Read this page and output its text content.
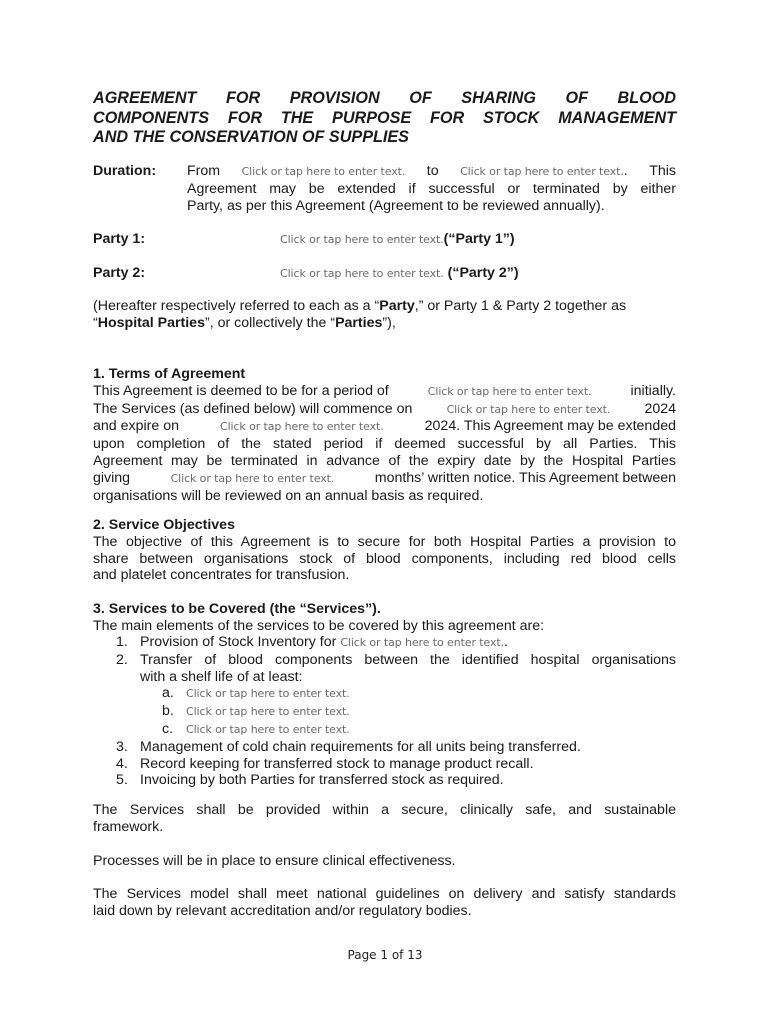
AGREEMENT FOR PROVISION OF SHARING OF BLOOD
COMPONENTS FOR THE PURPOSE FOR STOCK MANAGEMENT
AND THE CONSERVATION OF SUPPLIES
Duration: From Click or tap here to enter text. to Click or tap here to enter text.. This
Agreement may be extended if successful or terminated by either
Party, as per this Agreement (Agreement to be reviewed annually).
Party 1:	Click or tap here to enter text.(“Party 1”)
Party 2:	Click or tap here to enter text. (“Party 2”)
(Hereafter respectively referred to each as a “Party,” or Party 1 & Party 2 together as
“Hospital Parties”, or collectively the “Parties”),
1. Terms of Agreement
This Agreement is deemed to be for a period of	Click or tap here to enter text.	initially.
The Services (as defined below) will commence on	Click or tap here to enter text. 2024
and expire on	Click or tap here to enter text.	2024. This Agreement may be extended
upon completion of the stated period if deemed successful by all Parties. This
Agreement may be terminated in advance of the expiry date by the Hospital Parties
giving	Click or tap here to enter text.	months’ written notice. This Agreement between
organisations will be reviewed on an annual basis as required.
2. Service Objectives
The objective of this Agreement is to secure for both Hospital Parties a provision to
share between organisations stock of blood components, including red blood cells
and platelet concentrates for transfusion.
3. Services to be Covered (the “Services”).
The main elements of the services to be covered by this agreement are:
1. Provision of Stock Inventory for Click or tap here to enter text..
2. Transfer of blood components between the identified hospital organisations
with a shelf life of at least:
a. Click or tap here to enter text.
b. Click or tap here to enter text.
c. Click or tap here to enter text.
3. Management of cold chain requirements for all units being transferred.
4. Record keeping for transferred stock to manage product recall.
5. Invoicing by both Parties for transferred stock as required.
The Services shall be provided within a secure, clinically safe, and sustainable
framework.
Processes will be in place to ensure clinical effectiveness.
The Services model shall meet national guidelines on delivery and satisfy standards
laid down by relevant accreditation and/or regulatory bodies.
Page 1 of 13
